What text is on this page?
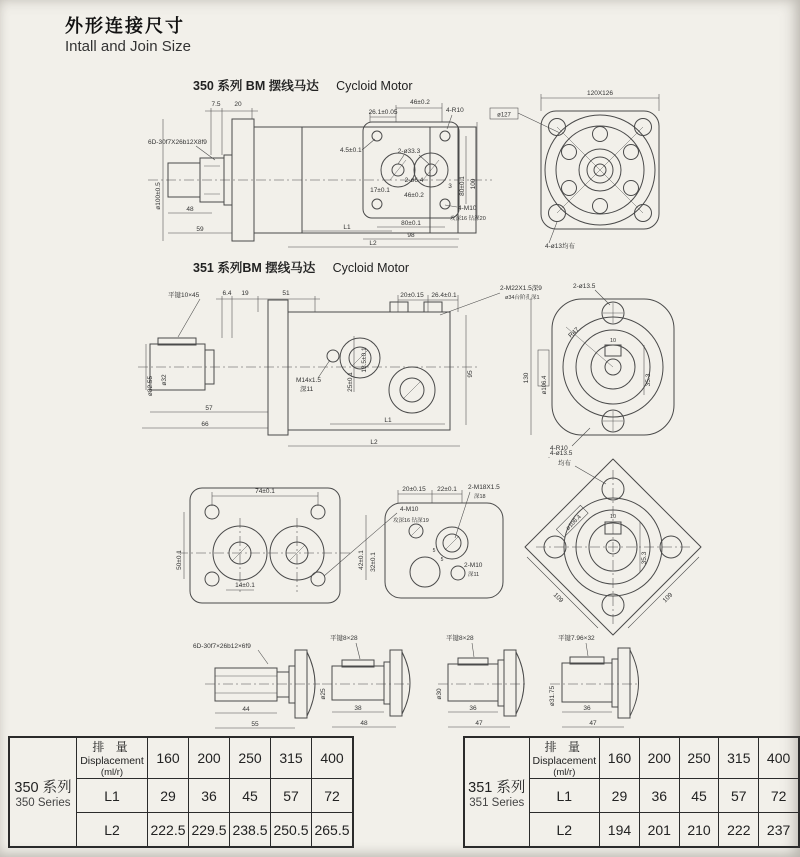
外形连接尺寸
Intall and Join Size
350 系列 BM 摆线马达 Cycloid Motor
7.5 20
26.1±0.05
46±0.2
4-R10
4.5±0.1	2-ø33.3
17±0.1
46±0.2
2-ø6.4
3 80±0.1 100
80±0.1
98
4-M10
攻深16 钻深20
6D-30f7X26b12X8f9
ø100±0.5	48
59	L1
L2
120X126
ø127
4-ø13均布
351 系列BM 摆线马达 Cycloid Motor
6.4 19	51	20±0.15 26.4±0.1
2-M22X1.5深9
ø34台阶孔深1
平键10×45
ø82.55 ø32	M14x1.5
深11
57
66
L1
L2
25±0.1
13.5±0.1
95
2-ø13.5
R47
130 ø106.4
10
35.3
4-R10
74±0.1
50±0.1
14±0.1
4-M10
攻深16 钻深19
20±0.15 22±0.1 2-M18X1.5
深18
42±0.1 32±0.1	2-M10
深11
5
5
4-ø13.5
均布
ø106.4	10
35.3
109	109
6D-30f7×26b12×6f9
44
55
平键8×28
ø25
38
48
平键8×28
ø30
36
47
平键7.96×32
ø31.75
36
47
350 系列
350 Series

排 量
Displacement
(ml/r)
	160	200	250	315	400
	L1	29	36	45	57	72
	L2	222.5	229.5	238.5	250.5	265.5
351 系列
351 Series

排 量
Displacement
(ml/r)
	160	200	250	315	400
	L1	29	36	45	57	72
	L2	194	201	210	222	237
